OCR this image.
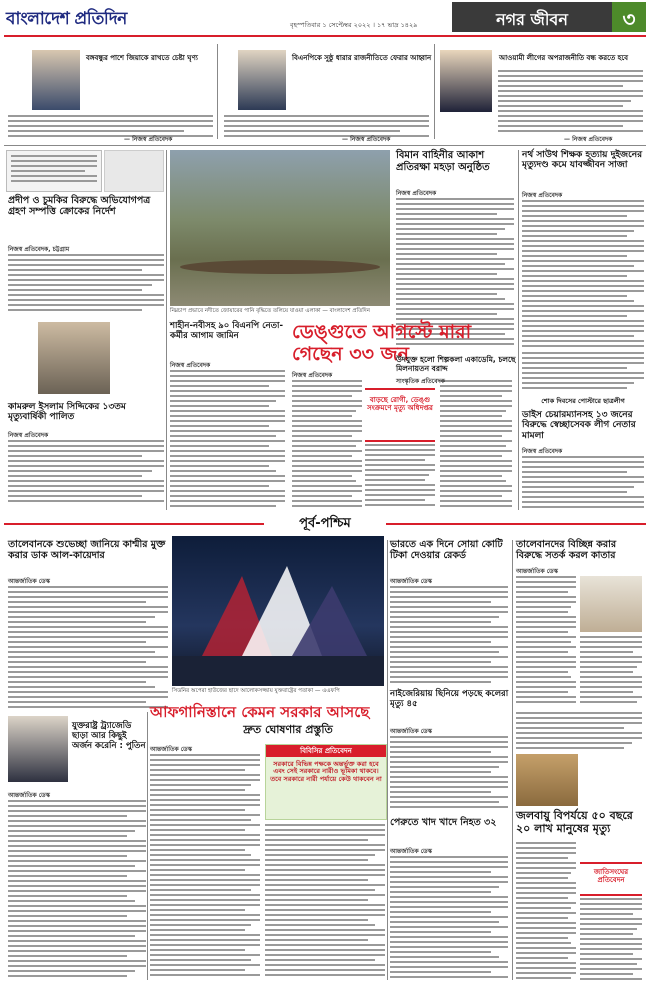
বাংলাদেশ প্রতিদিন	বৃহস্পতিবার ১ সেপ্টেম্বর ২০২২ । ১৭ ভাদ্র ১৪২৯	নগর জীবন	৩
বঙ্গবন্ধুর পাশে জিয়াকে রাখতে চেষ্টা ঘৃণ্য
— নিজস্ব প্রতিবেদক
বিএনপিকে সুষ্ঠু ধারার রাজনীতিতে ফেরার আহ্বান
— নিজস্ব প্রতিবেদক
আওয়ামী লীগের অপরাজনীতি বন্ধ করতে হবে
— নিজস্ব প্রতিবেদক
প্রদীপ ও চুমকির বিরুদ্ধে অভিযোগপত্র গ্রহণ সম্পত্তি ক্রোকের নির্দেশ
নিজস্ব প্রতিবেদক, চট্টগ্রাম
কামরুল ইসলাম সিদ্দিকের ১৩তম মৃত্যুবার্ষিকী পালিত
নিজস্ব প্রতিবেদক
নিম্নচাপ প্রভাবে নদীতে জোয়ারের পানি বৃদ্ধিতে তলিয়ে যাওয়া এলাকা — বাংলাদেশ প্রতিদিন
বিমান বাহিনীর আকাশ প্রতিরক্ষা মহড়া অনুষ্ঠিত
নিজস্ব প্রতিবেদক
নর্থ সাউথ শিক্ষক হত্যায় দুইজনের মৃত্যুদণ্ড কমে যাবজ্জীবন সাজা
নিজস্ব প্রতিবেদক
শাহীন-নবীসহ ৯০ বিএনপি নেতা-কর্মীর আগাম জামিন
নিজস্ব প্রতিবেদক
ডেঙ্গুতে আগস্টে মারা গেছেন ৩৩ জন
নিজস্ব প্রতিবেদক
বাড়ছে রোগী, ডেঙ্গু সংক্রমণে মৃত্যু অধিদপ্তর
উদযুক্ত হলো শিল্পকলা একাডেমি, চলছে মিলনায়তন বরাদ্দ
সাংস্কৃতিক প্রতিবেদক
শোক দিবসের পোস্টারে ছাত্রলীগ
ডাইস চেয়ারম্যানসহ ১৩ জনের বিরুদ্ধে স্বেচ্ছাসেবক লীগ নেতার মামলা
নিজস্ব প্রতিবেদক
পূর্ব-পশ্চিম
তালেবানকে শুভেচ্ছা জানিয়ে কাশ্মীর মুক্ত করার ডাক আল-কায়েদার
আন্তর্জাতিক ডেস্ক
সিডনির অপেরা হাউজের ছাদে আলোকসজ্জায় যুক্তরাষ্ট্রের পতাকা — এএফপি
ভারতে এক দিনে সোয়া কোটি টিকা দেওয়ার রেকর্ড
আন্তর্জাতিক ডেস্ক
তালেবানদের বিচ্ছিন্ন করার বিরুদ্ধে সতর্ক করল কাতার
আন্তর্জাতিক ডেস্ক
নাইজেরিয়ায় ছিনিয়ে পড়ছে কলেরা মৃত্যু ৪৫
আন্তর্জাতিক ডেস্ক
আফগানিস্তানে কেমন সরকার আসছে
দ্রুত ঘোষণার প্রস্তুতি
আন্তর্জাতিক ডেস্ক	বিবিসির প্রতিবেদন
সরকারে বিভিন্ন পক্ষকে অন্তর্ভুক্ত করা হবে এবং সেই সরকারে নারীও ভূমিকা থাকবে। তবে সরকারে নারী পর্যায়ে কেউ থাকবেন না
যুক্তরাষ্ট্র ট্র্যাজেডি ছাড়া আর কিছুই অর্জন করেনি : পুতিন
আন্তর্জাতিক ডেস্ক
পেরুতে খাদ খাদে নিহত ৩২
আন্তর্জাতিক ডেস্ক
জলবায়ু বিপর্যয়ে ৫০ বছরে ২০ লাখ মানুষের মৃত্যু
জাতিসংঘের প্রতিবেদন
